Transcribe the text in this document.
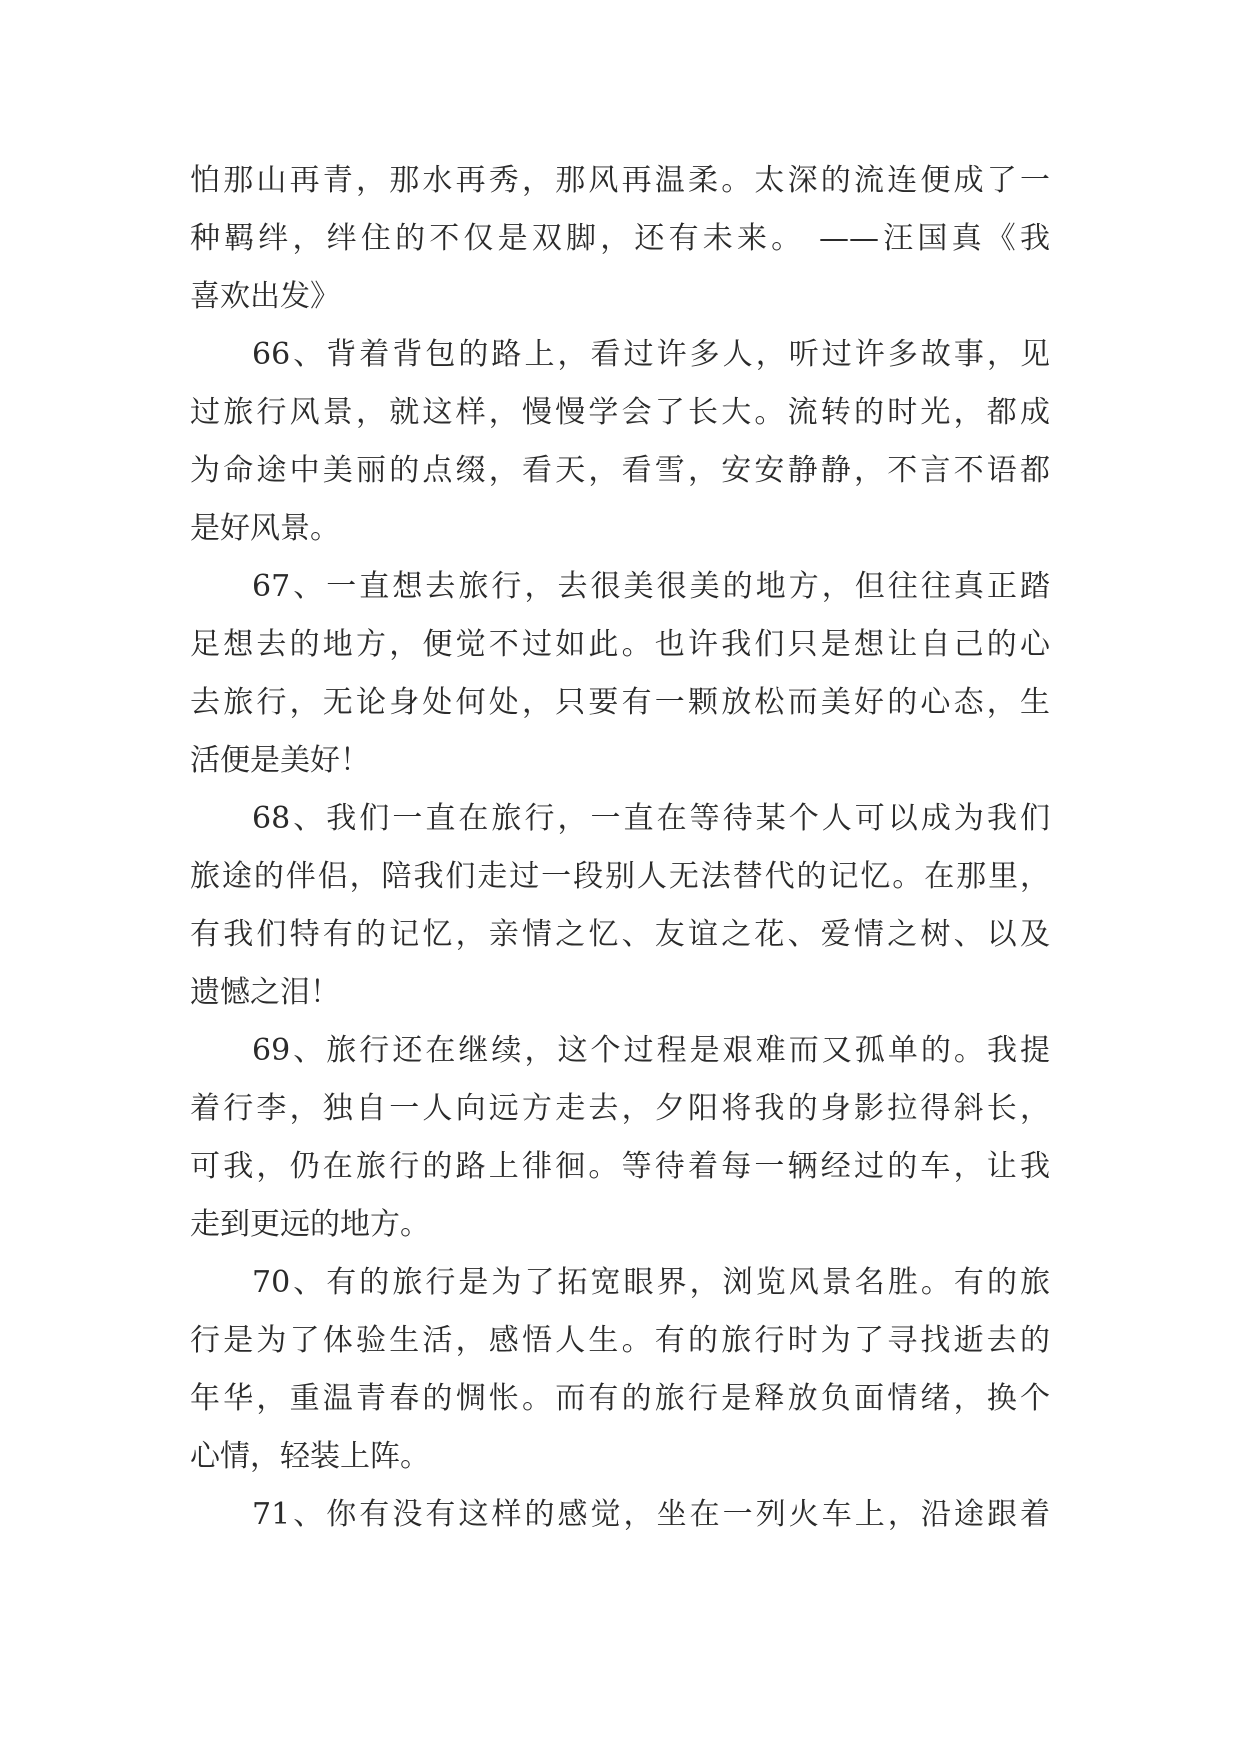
怕那山再青，那水再秀，那风再温柔。太深的流连便成了一
种羁绊，绊住的不仅是双脚，还有未来。 ——汪国真《我
喜欢出发》
66、背着背包的路上，看过许多人，听过许多故事，见
过旅行风景，就这样，慢慢学会了长大。流转的时光，都成
为命途中美丽的点缀，看天，看雪，安安静静，不言不语都
是好风景。
67、一直想去旅行，去很美很美的地方，但往往真正踏
足想去的地方，便觉不过如此。也许我们只是想让自己的心
去旅行，无论身处何处，只要有一颗放松而美好的心态，生
活便是美好！
68、我们一直在旅行，一直在等待某个人可以成为我们
旅途的伴侣，陪我们走过一段别人无法替代的记忆。在那里，
有我们特有的记忆，亲情之忆、友谊之花、爱情之树、以及
遗憾之泪！
69、旅行还在继续，这个过程是艰难而又孤单的。我提
着行李，独自一人向远方走去，夕阳将我的身影拉得斜长，
可我，仍在旅行的路上徘徊。等待着每一辆经过的车，让我
走到更远的地方。
70、有的旅行是为了拓宽眼界，浏览风景名胜。有的旅
行是为了体验生活，感悟人生。有的旅行时为了寻找逝去的
年华，重温青春的惆怅。而有的旅行是释放负面情绪，换个
心情，轻装上阵。
71、你有没有这样的感觉，坐在一列火车上，沿途跟着
